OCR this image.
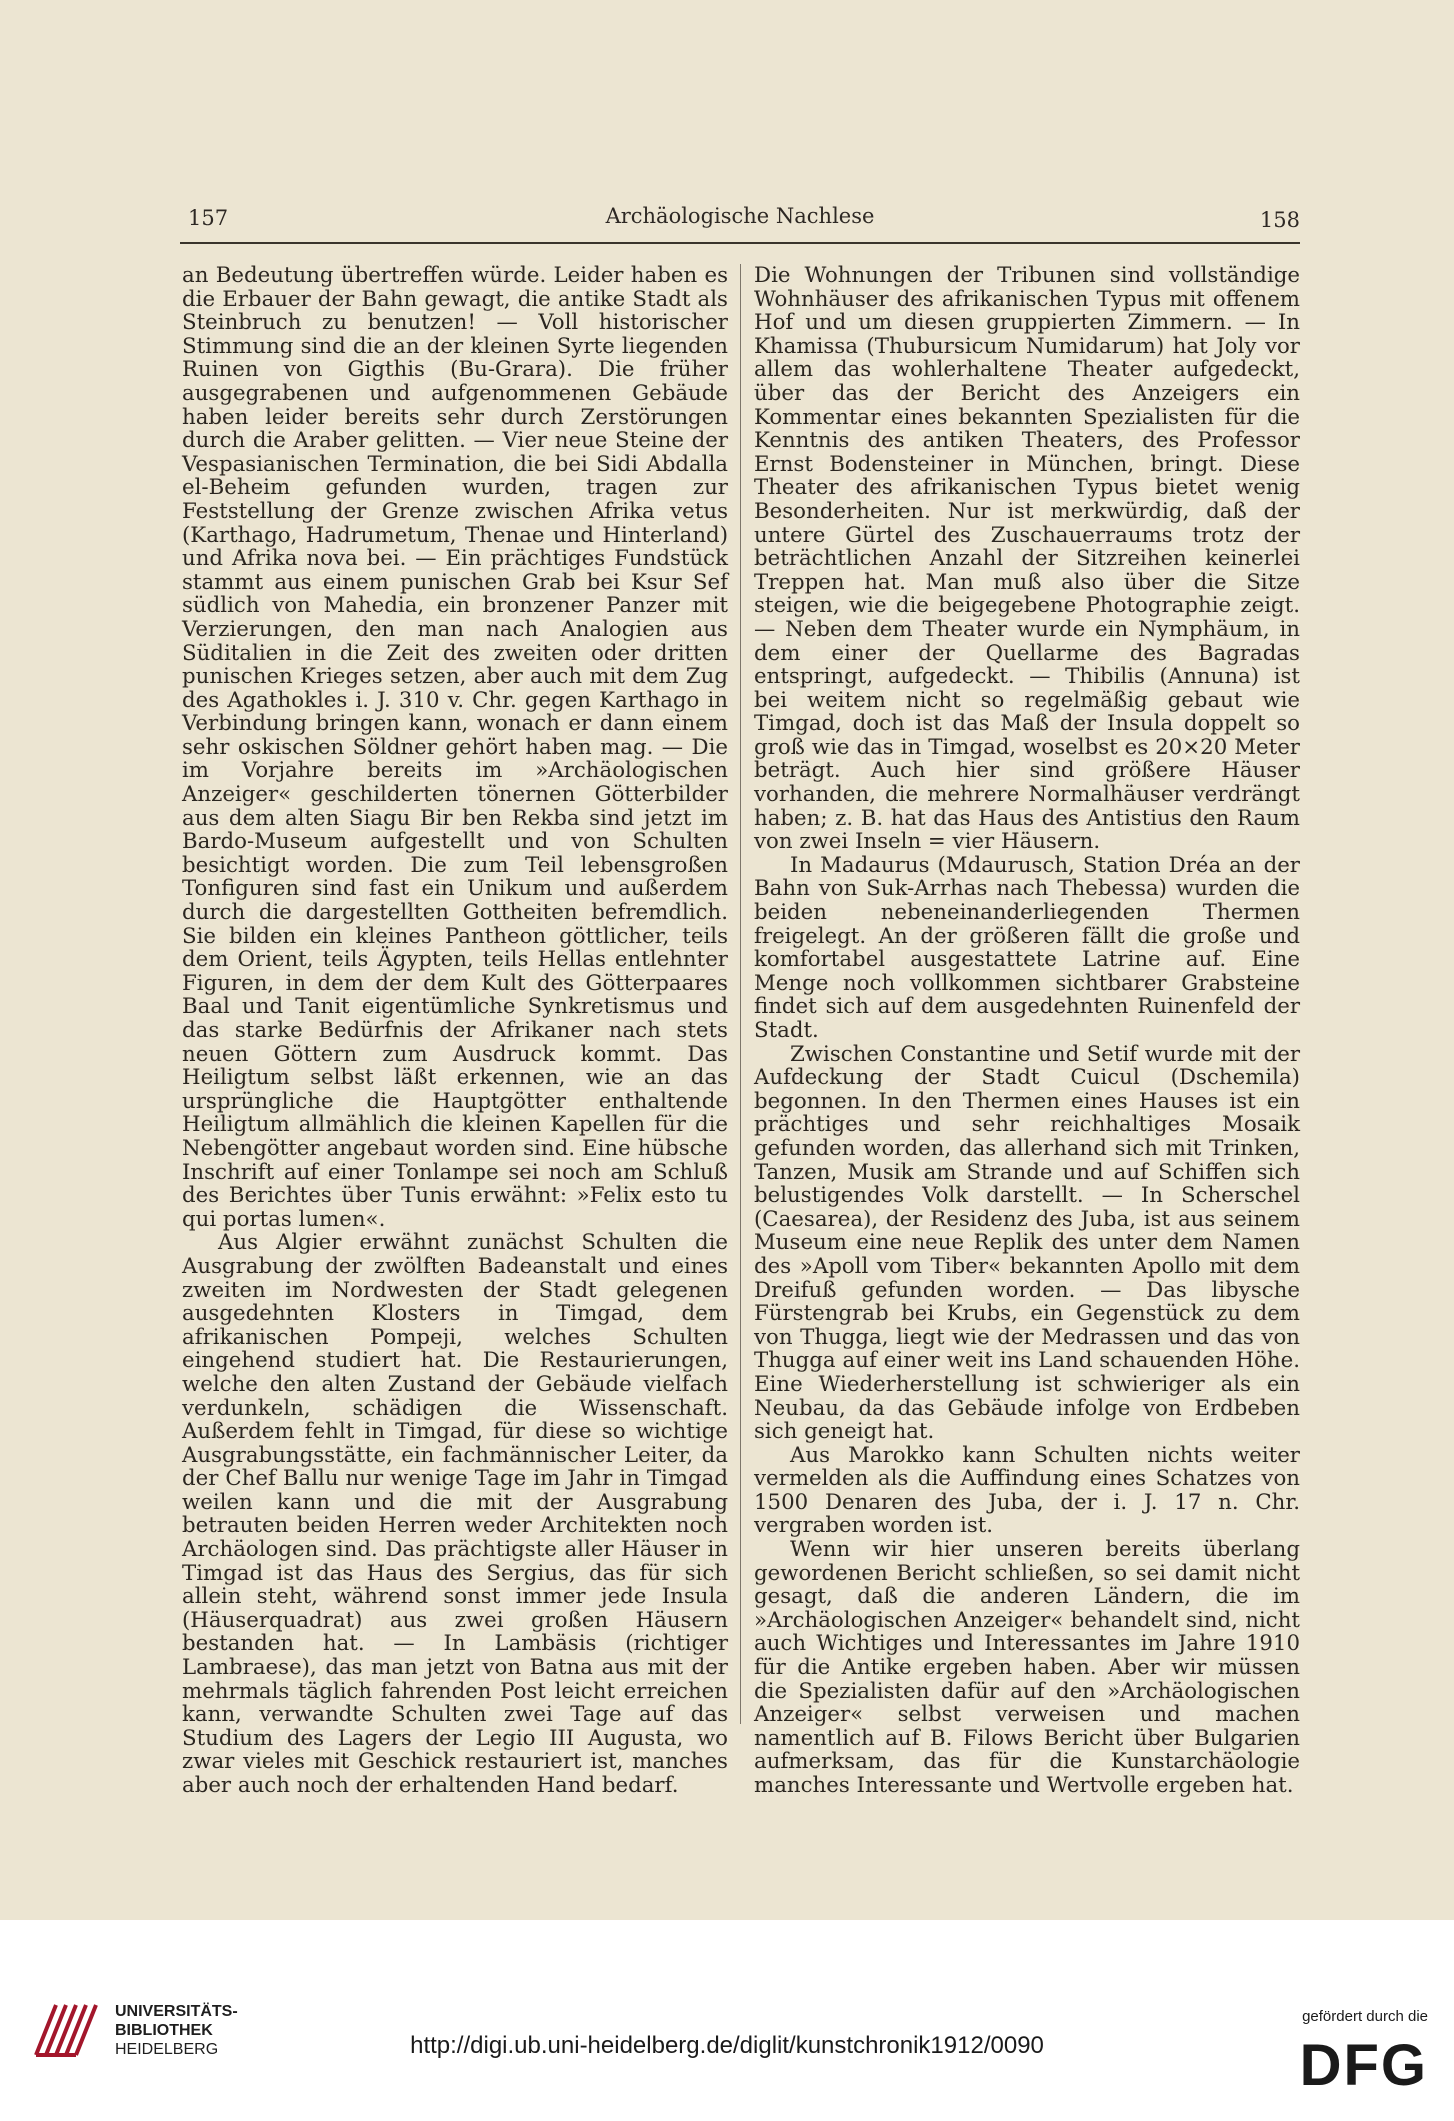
157	Archäologische Nachlese	158

an Bedeutung übertreffen würde. Leider haben es die Erbauer der Bahn gewagt, die antike Stadt als Steinbruch zu benutzen! — Voll historischer Stimmung sind die an der kleinen Syrte liegenden Ruinen von Gigthis (Bu-Grara). Die früher ausgegrabenen und aufgenommenen Gebäude haben leider bereits sehr durch Zerstörungen durch die Araber gelitten. — Vier neue Steine der Vespasianischen Termination, die bei Sidi Abdalla el-Beheim gefunden wurden, tragen zur Feststellung der Grenze zwischen Afrika vetus (Karthago, Hadrumetum, Thenae und Hinterland) und Afrika nova bei. — Ein prächtiges Fundstück stammt aus einem punischen Grab bei Ksur Sef südlich von Mahedia, ein bronzener Panzer mit Verzierungen, den man nach Analogien aus Süditalien in die Zeit des zweiten oder dritten punischen Krieges setzen, aber auch mit dem Zug des Agathokles i. J. 310 v. Chr. gegen Karthago in Verbindung bringen kann, wonach er dann einem sehr oskischen Söldner gehört haben mag. — Die im Vorjahre bereits im »Archäologischen Anzeiger« geschilderten tönernen Götterbilder aus dem alten Siagu Bir ben Rekba sind jetzt im Bardo-Museum aufgestellt und von Schulten besichtigt worden. Die zum Teil lebensgroßen Tonfiguren sind fast ein Unikum und außerdem durch die dargestellten Gottheiten befremdlich. Sie bilden ein kleines Pantheon göttlicher, teils dem Orient, teils Ägypten, teils Hellas entlehnter Figuren, in dem der dem Kult des Götterpaares Baal und Tanit eigentümliche Synkretismus und das starke Bedürfnis der Afrikaner nach stets neuen Göttern zum Ausdruck kommt. Das Heiligtum selbst läßt erkennen, wie an das ursprüngliche die Hauptgötter enthaltende Heiligtum allmählich die kleinen Kapellen für die Nebengötter angebaut worden sind. Eine hübsche Inschrift auf einer Tonlampe sei noch am Schluß des Berichtes über Tunis erwähnt: »Felix esto tu qui portas lumen«.

Aus Algier erwähnt zunächst Schulten die Ausgrabung der zwölften Badeanstalt und eines zweiten im Nordwesten der Stadt gelegenen ausgedehnten Klosters in Timgad, dem afrikanischen Pompeji, welches Schulten eingehend studiert hat. Die Restaurierungen, welche den alten Zustand der Gebäude vielfach verdunkeln, schädigen die Wissenschaft. Außerdem fehlt in Timgad, für diese so wichtige Ausgrabungsstätte, ein fachmännischer Leiter, da der Chef Ballu nur wenige Tage im Jahr in Timgad weilen kann und die mit der Ausgrabung betrauten beiden Herren weder Architekten noch Archäologen sind. Das prächtigste aller Häuser in Timgad ist das Haus des Sergius, das für sich allein steht, während sonst immer jede Insula (Häuserquadrat) aus zwei großen Häusern bestanden hat. — In Lambäsis (richtiger Lambraese), das man jetzt von Batna aus mit der mehrmals täglich fahrenden Post leicht erreichen kann, verwandte Schulten zwei Tage auf das Studium des Lagers der Legio III Augusta, wo zwar vieles mit Geschick restauriert ist, manches aber auch noch der erhaltenden Hand bedarf.

Die Wohnungen der Tribunen sind vollständige Wohnhäuser des afrikanischen Typus mit offenem Hof und um diesen gruppierten Zimmern. — In Khamissa (Thubursicum Numidarum) hat Joly vor allem das wohlerhaltene Theater aufgedeckt, über das der Bericht des Anzeigers ein Kommentar eines bekannten Spezialisten für die Kenntnis des antiken Theaters, des Professor Ernst Bodensteiner in München, bringt. Diese Theater des afrikanischen Typus bietet wenig Besonderheiten. Nur ist merkwürdig, daß der untere Gürtel des Zuschauerraums trotz der beträchtlichen Anzahl der Sitzreihen keinerlei Treppen hat. Man muß also über die Sitze steigen, wie die beigegebene Photographie zeigt. — Neben dem Theater wurde ein Nymphäum, in dem einer der Quellarme des Bagradas entspringt, aufgedeckt. — Thibilis (Annuna) ist bei weitem nicht so regelmäßig gebaut wie Timgad, doch ist das Maß der Insula doppelt so groß wie das in Timgad, woselbst es 20×20 Meter beträgt. Auch hier sind größere Häuser vorhanden, die mehrere Normalhäuser verdrängt haben; z. B. hat das Haus des Antistius den Raum von zwei Inseln = vier Häusern.

In Madaurus (Mdaurusch, Station Dréa an der Bahn von Suk-Arrhas nach Thebessa) wurden die beiden nebeneinanderliegenden Thermen freigelegt. An der größeren fällt die große und komfortabel ausgestattete Latrine auf. Eine Menge noch vollkommen sichtbarer Grabsteine findet sich auf dem ausgedehnten Ruinenfeld der Stadt.

Zwischen Constantine und Setif wurde mit der Aufdeckung der Stadt Cuicul (Dschemila) begonnen. In den Thermen eines Hauses ist ein prächtiges und sehr reichhaltiges Mosaik gefunden worden, das allerhand sich mit Trinken, Tanzen, Musik am Strande und auf Schiffen sich belustigendes Volk darstellt. — In Scherschel (Caesarea), der Residenz des Juba, ist aus seinem Museum eine neue Replik des unter dem Namen des »Apoll vom Tiber« bekannten Apollo mit dem Dreifuß gefunden worden. — Das libysche Fürstengrab bei Krubs, ein Gegenstück zu dem von Thugga, liegt wie der Medrassen und das von Thugga auf einer weit ins Land schauenden Höhe. Eine Wiederherstellung ist schwieriger als ein Neubau, da das Gebäude infolge von Erdbeben sich geneigt hat.

Aus Marokko kann Schulten nichts weiter vermelden als die Auffindung eines Schatzes von 1500 Denaren des Juba, der i. J. 17 n. Chr. vergraben worden ist.

Wenn wir hier unseren bereits überlang gewordenen Bericht schließen, so sei damit nicht gesagt, daß die anderen Ländern, die im »Archäologischen Anzeiger« behandelt sind, nicht auch Wichtiges und Interessantes im Jahre 1910 für die Antike ergeben haben. Aber wir müssen die Spezialisten dafür auf den »Archäologischen Anzeiger« selbst verweisen und machen namentlich auf B. Filows Bericht über Bulgarien aufmerksam, das für die Kunstarchäologie manches Interessante und Wertvolle ergeben hat.

UNIVERSITÄTS-
BIBLIOTHEK
HEIDELBERG	http://digi.ub.uni-heidelberg.de/diglit/kunstchronik1912/0090
gefördert durch die
DFG
